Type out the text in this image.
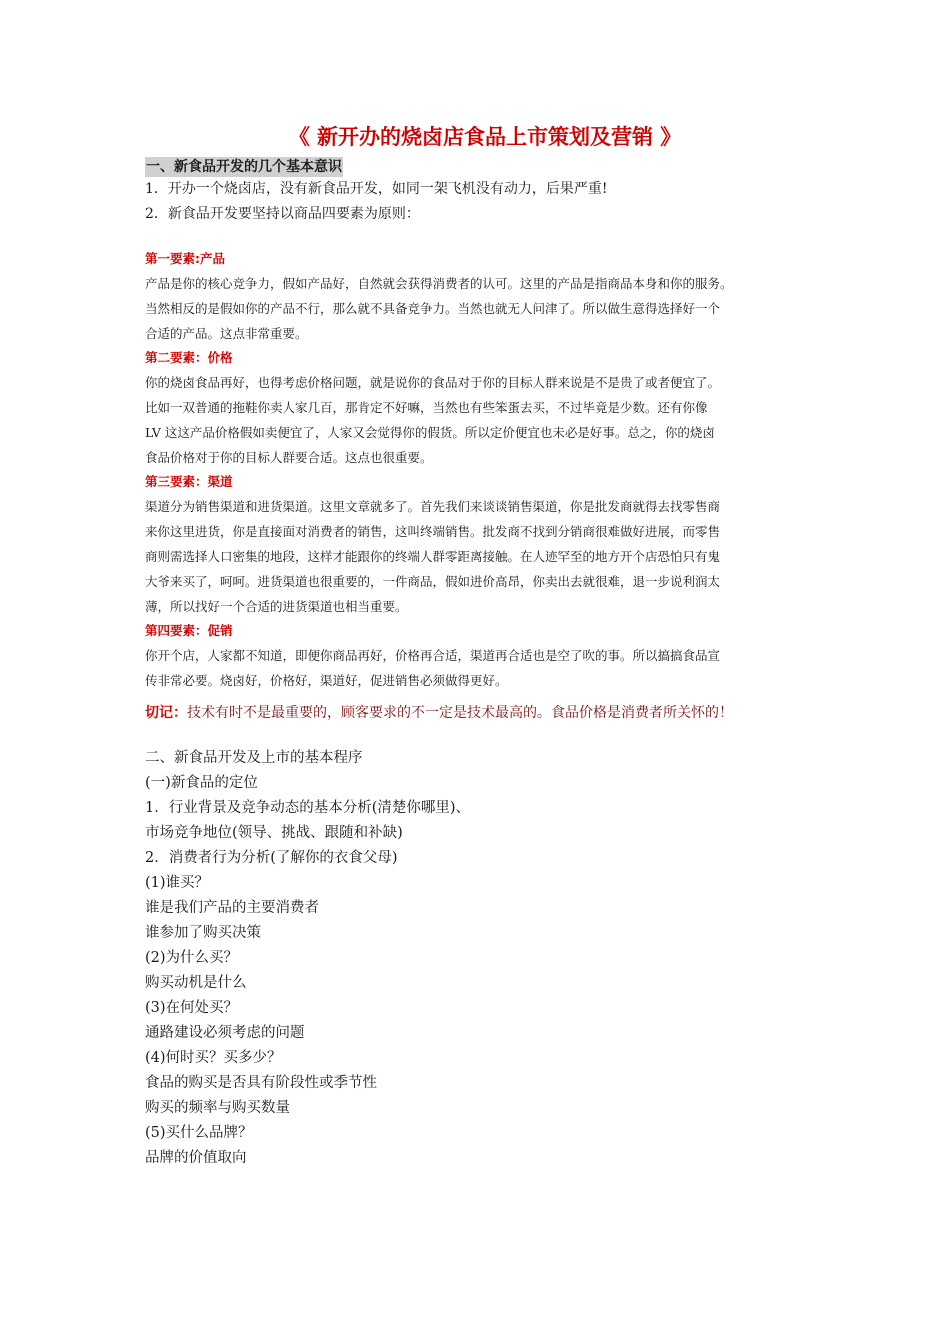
《 新开办的烧卤店食品上市策划及营销 》
一、新食品开发的几个基本意识
1．开办一个烧卤店，没有新食品开发，如同一架飞机没有动力，后果严重!
2．新食品开发要坚持以商品四要素为原则：
第一要素:产品
产品是你的核心竞争力，假如产品好，自然就会获得消费者的认可。这里的产品是指商品本身和你的服务。
当然相反的是假如你的产品不行，那么就不具备竞争力。当然也就无人问津了。所以做生意得选择好一个
合适的产品。这点非常重要。
第二要素：价格
你的烧卤食品再好，也得考虑价格问题，就是说你的食品对于你的目标人群来说是不是贵了或者便宜了。
比如一双普通的拖鞋你卖人家几百，那肯定不好嘛，当然也有些笨蛋去买，不过毕竟是少数。还有你像
LV 这这产品价格假如卖便宜了，人家又会觉得你的假货。所以定价便宜也未必是好事。总之，你的烧卤
食品价格对于你的目标人群要合适。这点也很重要。
第三要素：渠道
渠道分为销售渠道和进货渠道。这里文章就多了。首先我们来谈谈销售渠道，你是批发商就得去找零售商
来你这里进货，你是直接面对消费者的销售，这叫终端销售。批发商不找到分销商很难做好进展，而零售
商则需选择人口密集的地段，这样才能跟你的终端人群零距离接触。在人迹罕至的地方开个店恐怕只有鬼
大爷来买了，呵呵。进货渠道也很重要的，一件商品，假如进价高昂，你卖出去就很难，退一步说利润太
薄，所以找好一个合适的进货渠道也相当重要。
第四要素：促销
你开个店，人家都不知道，即便你商品再好，价格再合适，渠道再合适也是空了吹的事。所以搞搞食品宣
传非常必要。烧卤好，价格好，渠道好，促进销售必须做得更好。
切记：技术有时不是最重要的，顾客要求的不一定是技术最高的。食品价格是消费者所关怀的！
二、新食品开发及上市的基本程序
(一)新食品的定位
1．行业背景及竞争动态的基本分析(清楚你哪里)、
市场竞争地位(领导、挑战、跟随和补缺)
2．消费者行为分析(了解你的衣食父母)
(1)谁买？
谁是我们产品的主要消费者
谁参加了购买决策
(2)为什么买？
购买动机是什么
(3)在何处买？
通路建设必须考虑的问题
(4)何时买？买多少？
食品的购买是否具有阶段性或季节性
购买的频率与购买数量
(5)买什么品牌？
品牌的价值取向
